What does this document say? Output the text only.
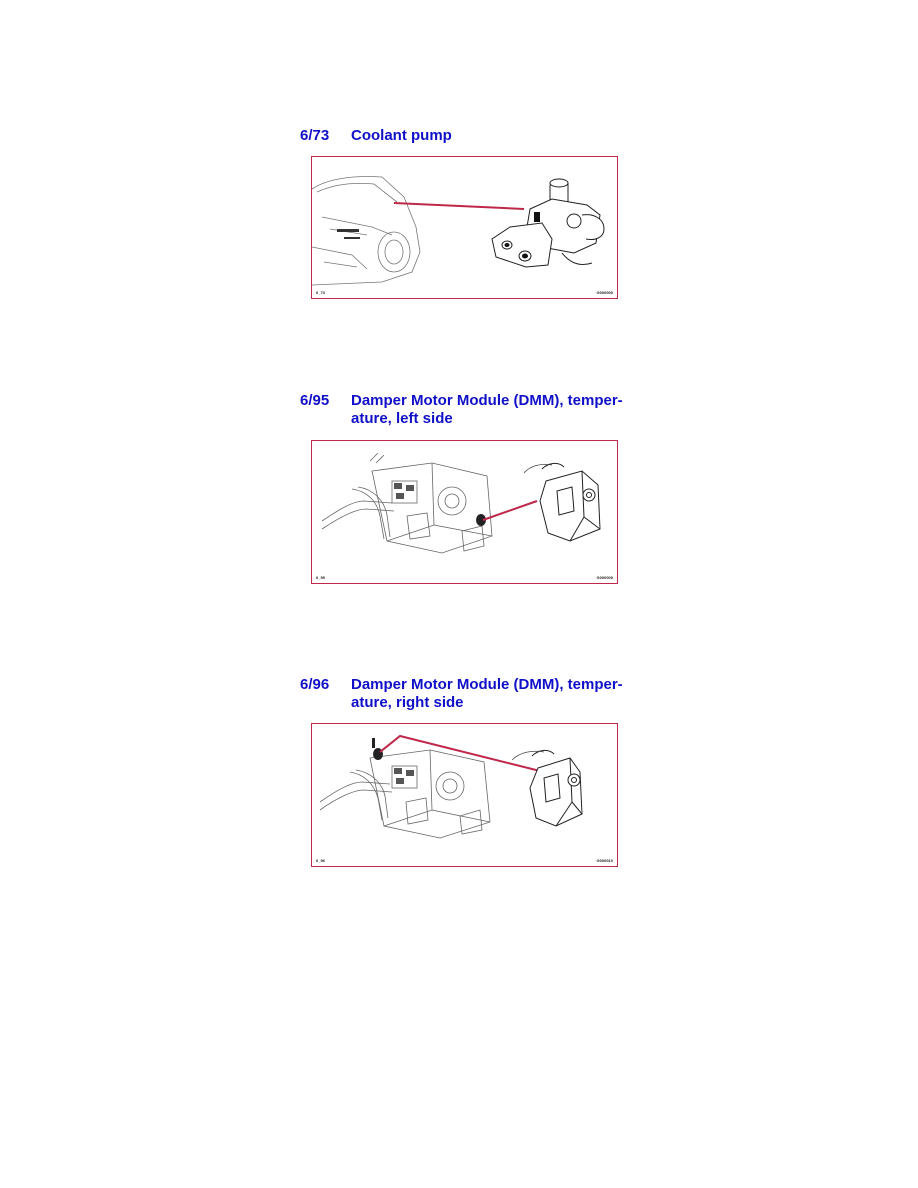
6/73	Coolant pump
6_73	G000000
6/95	Damper Motor Module (DMM), temper-
ature, left side
6_95	G000000
6/96	Damper Motor Module (DMM), temper-
ature, right side
6_96	G000010
